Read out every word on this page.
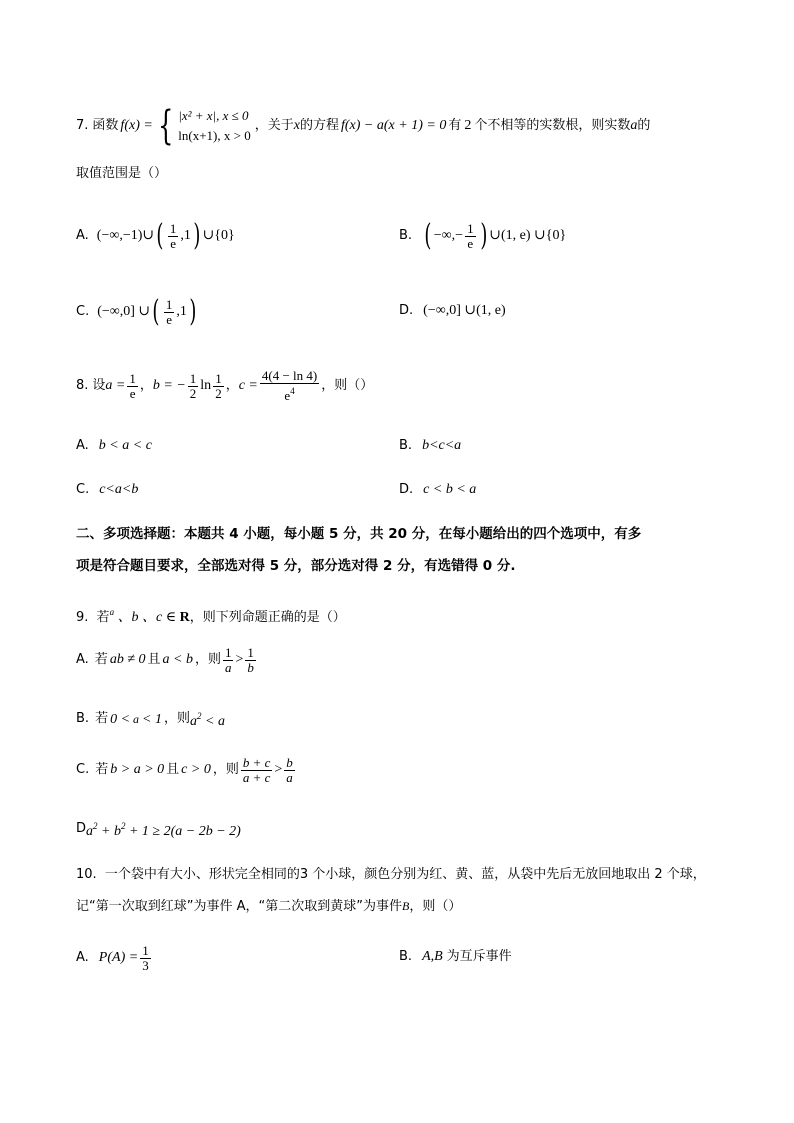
7. 函数 f(x) = { |x² + x|, x ≤ 0
ln(x+1), x > 0
，关于 x 的方程 f(x) − a(x + 1) = 0 有 2 个不相等的实数根，则实数 a 的
取值范围是（）
A. (−∞,−1)∪ ( $\frac{1}{e} ,1$ ) ∪{0}	B. ( −∞,− $\frac{1}{e}$ ) ∪(1, e) ∪{0}
C. (−∞,0] ∪ ( $\frac{1}{e} ,1$ )	D. (−∞,0] ∪(1, e)
8. 设 $a = \frac{1}{e}$ ， b = − $\frac{1}{2}$ $\ln \frac{1}{2}$ ， $c = \frac{4(4 - \ln 4)}{e^4}$ ，则（）
A. b < a < c	B. b<c<a
C. c<a<b	D. c < b < a
二、多项选择题：本题共 4 小题，每小题 5 分，共 20 分，在每小题给出的四个选项中，有多
项是符合题目要求，全部选对得 5 分，部分选对得 2 分，有选错得 0 分.
9. 若$^a$ 、b 、c ∈ R，则下列命题正确的是（）
A. 若 ab ≠ 0 且 a < b ，则 $\frac{1}{a} > \frac{1}{b}$
B. 若 0 < a < 1 ，则 $a^2 < a$
C. 若 b > a > 0 且 c > 0 ，则 $\frac{b + c}{a + c} > \frac{b}{a}$
D $a^2 + b^2 + 1 \ge 2(a - 2b - 2)$
10. 一个袋中有大小、形状完全相同的3 个小球，颜色分别为红、黄、蓝，从袋中先后无放回地取出 2 个球，
记“第一次取到红球”为事件 A，“第二次取到黄球”为事件B，则（）
A. $P(A) = \frac{1}{3}$	B. A,B 为互斥事件
